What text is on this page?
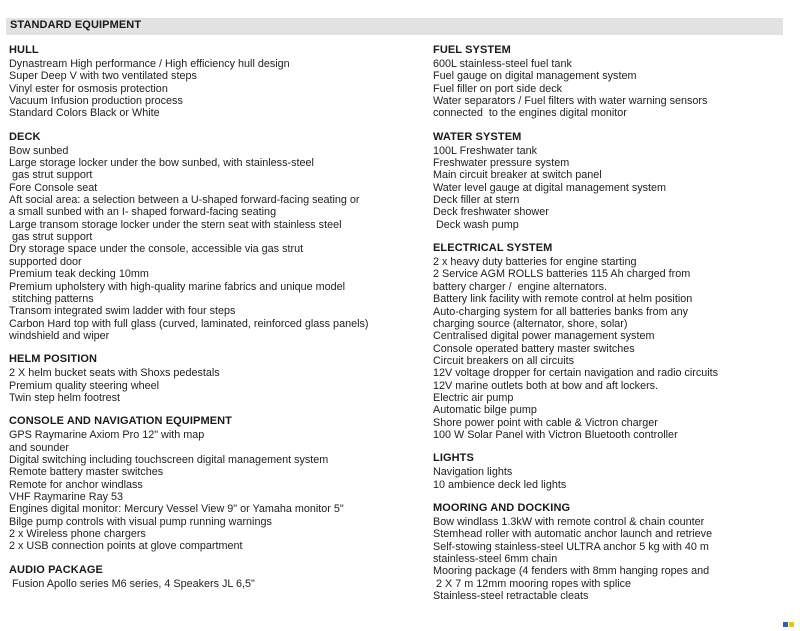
STANDARD EQUIPMENT
HULL
Dynastream High performance / High efficiency hull design
Super Deep V with two ventilated steps
Vinyl ester for osmosis protection
Vacuum Infusion production process
Standard Colors Black or White
DECK
Bow sunbed
Large storage locker under the bow sunbed, with stainless-steel
gas strut support
Fore Console seat
Aft social area: a selection between a U-shaped forward-facing seating or
a small sunbed with an I- shaped forward-facing seating
Large transom storage locker under the stern seat with stainless steel
gas strut support
Dry storage space under the console, accessible via gas strut
supported door
Premium teak decking 10mm
Premium upholstery with high-quality marine fabrics and unique model
stitching patterns
Transom integrated swim ladder with four steps
Carbon Hard top with full glass (curved, laminated, reinforced glass panels)
windshield and wiper
HELM POSITION
2 X helm bucket seats with Shoxs pedestals
Premium quality steering wheel
Twin step helm footrest
CONSOLE AND NAVIGATION EQUIPMENT
GPS Raymarine Axiom Pro 12" with map
and sounder
Digital switching including touchscreen digital management system
Remote battery master switches
Remote for anchor windlass
VHF Raymarine Ray 53
Engines digital monitor: Mercury Vessel View 9" or Yamaha monitor 5"
Bilge pump controls with visual pump running warnings
2 x Wireless phone chargers
2 x USB connection points at glove compartment
AUDIO PACKAGE
Fusion Apollo series M6 series, 4 Speakers JL 6,5"
FUEL SYSTEM
600L stainless-steel fuel tank
Fuel gauge on digital management system
Fuel filler on port side deck
Water separators / Fuel filters with water warning sensors
connected  to the engines digital monitor
WATER SYSTEM
100L Freshwater tank
Freshwater pressure system
Main circuit breaker at switch panel
Water level gauge at digital management system
Deck filler at stern
Deck freshwater shower
Deck wash pump
ELECTRICAL SYSTEM
2 x heavy duty batteries for engine starting
2 Service AGM ROLLS batteries 115 Ah charged from
battery charger /  engine alternators.
Battery link facility with remote control at helm position
Auto-charging system for all batteries banks from any
charging source (alternator, shore, solar)
Centralised digital power management system
Console operated battery master switches
Circuit breakers on all circuits
12V voltage dropper for certain navigation and radio circuits
12V marine outlets both at bow and aft lockers.
Electric air pump
Automatic bilge pump
Shore power point with cable & Victron charger
100 W Solar Panel with Victron Bluetooth controller
LIGHTS
Navigation lights
10 ambience deck led lights
MOORING AND DOCKING
Bow windlass 1.3kW with remote control & chain counter
Stemhead roller with automatic anchor launch and retrieve
Self-stowing stainless-steel ULTRA anchor 5 kg with 40 m
stainless-steel 6mm chain
Mooring package (4 fenders with 8mm hanging ropes and
2 X 7 m 12mm mooring ropes with splice
Stainless-steel retractable cleats
